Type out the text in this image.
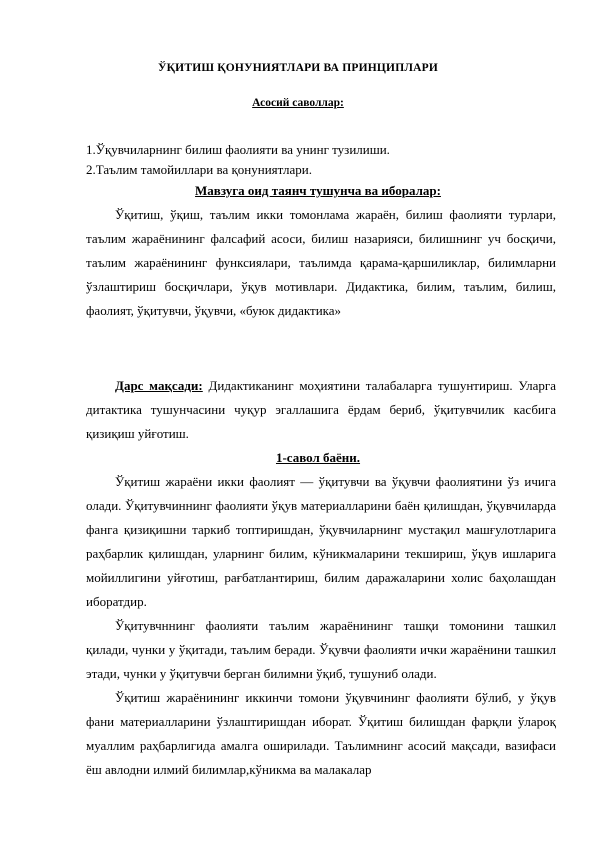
ЎҚИТИШ ҚОНУНИЯТЛАРИ ВА ПРИНЦИПЛАРИ
Асосий саволлар:
1.Ўқувчиларнинг билиш фаолияти ва унинг тузилиши.
2.Таълим тамойиллари ва қонуниятлари.
Мавзуга оид таянч тушунча ва иборалар:

Ўқитиш, ўқиш, таълим икки томонлама жараён, билиш фаолияти турлари, таълим жараёнининг фалсафий асоси, билиш назарияси, билишнинг уч босқичи, таълим жараёнининг функсиялари, таълимда қарама-қаршиликлар, билимларни ўзлаштириш босқичлари, ўқув мотивлари. Дидактика, билим, таълим, билиш, фаолият, ўқитувчи, ўқувчи, «буюк дидактика»

Дарс мақсади: Дидактиканинг моҳиятини талабаларга тушунтириш. Уларга дитактика тушунчасини чуқур эгаллашига ёрдам бериб, ўқитувчилик касбига қизиқиш уйғотиш.

1-савол баёни.

Ўқитиш жараёни икки фаолият — ўқитувчи ва ўқувчи фаолиятини ўз ичига олади. Ўқитувчиннинг фаолияти ўқув материалларини баён қилишдан, ўқувчиларда фанга қизиқишни таркиб топтиришдан, ўқувчиларнинг мустақил машғулотларига раҳбарлик қилишдан, уларнинг билим, кўникмаларини текшириш, ўқув ишларига мойиллигини уйғотиш, рағбатлантириш, билим даражаларини холис баҳолашдан иборатдир.

Ўқитувчннинг фаолияти таълим жараёнининг ташқи томонини ташкил қилади, чунки у ўқитади, таълим беради. Ўқувчи фаолияти ички жараёнини ташкил этади, чунки у ўқитувчи берган билимни ўқиб, тушуниб олади.

Ўқитиш жараёнининг иккинчи томони ўқувчининг фаолияти бўлиб, у ўқув фани материалларини ўзлаштиришдан иборат. Ўқитиш билишдан фарқли ўлароқ муаллим раҳбарлигида амалга оширилади. Таълимнинг асосий мақсади, вазифаси ёш авлодни илмий билимлар,кўникма ва малакалар
